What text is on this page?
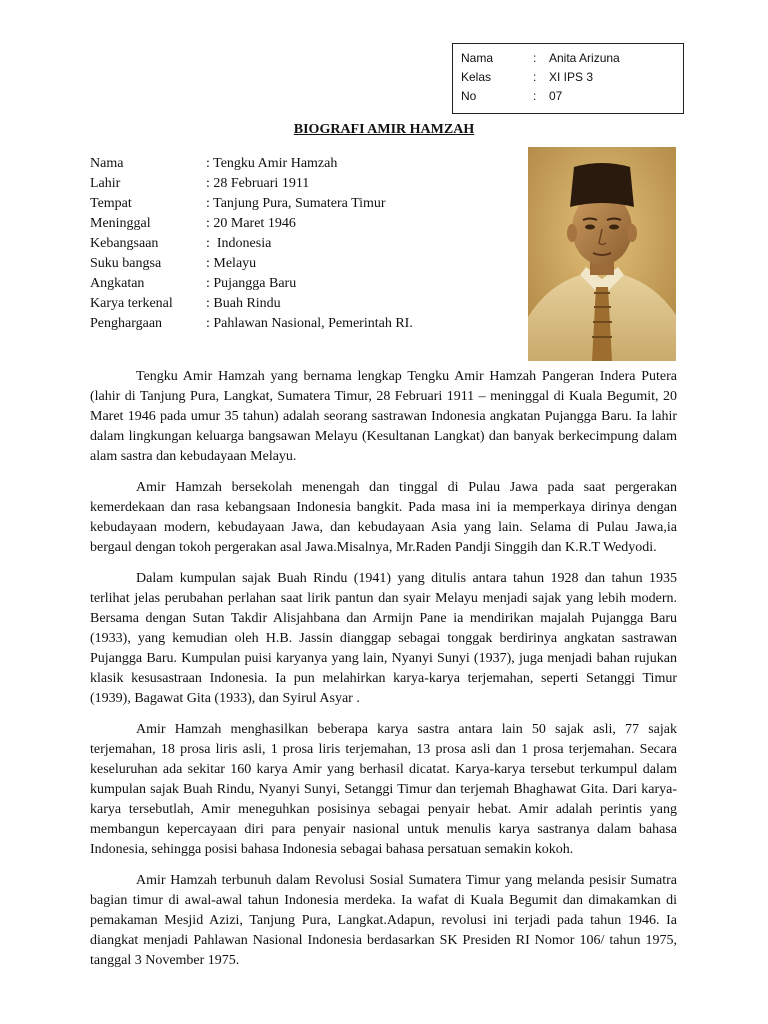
Nama	:	Anita Arizuna
Kelas	:	XI IPS 3
No	:	07
BIOGRAFI AMIR HAMZAH
Nama	: Tengku Amir Hamzah
Lahir	: 28 Februari 1911
Tempat	: Tanjung Pura, Sumatera Timur
Meninggal	: 20 Maret 1946
Kebangsaan	:  Indonesia
Suku bangsa	: Melayu
Angkatan	: Pujangga Baru
Karya terkenal	: Buah Rindu
Penghargaan	: Pahlawan Nasional, Pemerintah RI.

Tengku Amir Hamzah yang bernama lengkap Tengku Amir Hamzah Pangeran Indera Putera (lahir di Tanjung Pura, Langkat, Sumatera Timur, 28 Februari 1911 – meninggal di Kuala Begumit, 20 Maret 1946 pada umur 35 tahun) adalah seorang sastrawan Indonesia angkatan Pujangga Baru. Ia lahir dalam lingkungan keluarga bangsawan Melayu (Kesultanan Langkat) dan banyak berkecimpung dalam alam sastra dan kebudayaan Melayu.

Amir Hamzah bersekolah menengah dan tinggal di Pulau Jawa pada saat pergerakan kemerdekaan dan rasa kebangsaan Indonesia bangkit. Pada masa ini ia memperkaya dirinya dengan kebudayaan modern, kebudayaan Jawa, dan kebudayaan Asia yang lain. Selama di Pulau Jawa,ia bergaul dengan tokoh pergerakan asal Jawa.Misalnya, Mr.Raden Pandji Singgih dan K.R.T Wedyodi.

Dalam kumpulan sajak Buah Rindu (1941) yang ditulis antara tahun 1928 dan tahun 1935 terlihat jelas perubahan perlahan saat lirik pantun dan syair Melayu menjadi sajak yang lebih modern. Bersama dengan Sutan Takdir Alisjahbana dan Armijn Pane ia mendirikan majalah Pujangga Baru (1933), yang kemudian oleh H.B. Jassin dianggap sebagai tonggak berdirinya angkatan sastrawan Pujangga Baru. Kumpulan puisi karyanya yang lain, Nyanyi Sunyi (1937), juga menjadi bahan rujukan klasik kesusastraan Indonesia. Ia pun melahirkan karya-karya terjemahan, seperti Setanggi Timur (1939), Bagawat Gita (1933), dan Syirul Asyar .

Amir Hamzah menghasilkan beberapa karya sastra antara lain 50 sajak asli, 77 sajak terjemahan, 18 prosa liris asli, 1 prosa liris terjemahan, 13 prosa asli dan 1 prosa terjemahan. Secara keseluruhan ada sekitar 160 karya Amir yang berhasil dicatat. Karya-karya tersebut terkumpul dalam kumpulan sajak Buah Rindu, Nyanyi Sunyi, Setanggi Timur dan terjemah Bhaghawat Gita. Dari karya-karya tersebutlah, Amir meneguhkan posisinya sebagai penyair hebat. Amir adalah perintis yang membangun kepercayaan diri para penyair nasional untuk menulis karya sastranya dalam bahasa Indonesia, sehingga posisi bahasa Indonesia sebagai bahasa persatuan semakin kokoh.

Amir Hamzah terbunuh dalam Revolusi Sosial Sumatera Timur yang melanda pesisir Sumatra bagian timur di awal-awal tahun Indonesia merdeka. Ia wafat di Kuala Begumit dan dimakamkan di pemakaman Mesjid Azizi, Tanjung Pura, Langkat.Adapun, revolusi ini terjadi pada tahun 1946. Ia diangkat menjadi Pahlawan Nasional Indonesia berdasarkan SK Presiden RI Nomor 106/ tahun 1975, tanggal 3 November 1975.
